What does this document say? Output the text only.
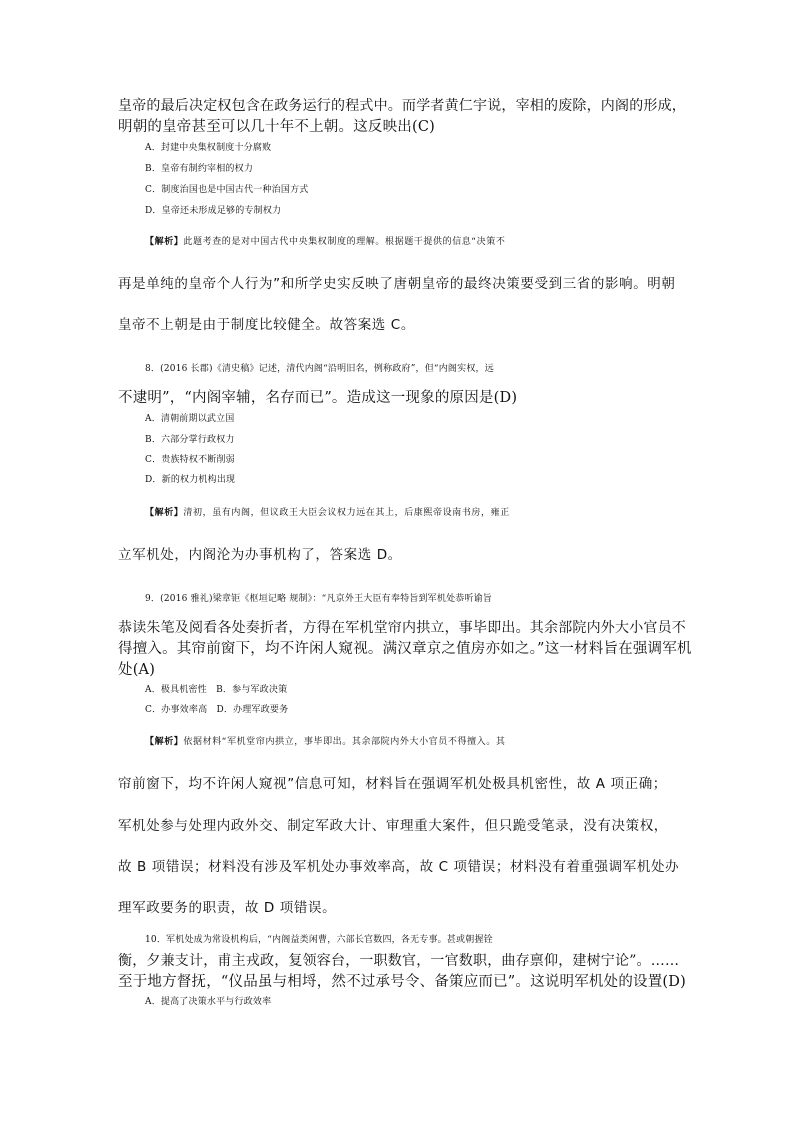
皇帝的最后决定权包含在政务运行的程式中。而学者黄仁宇说，宰相的废除，内阁的形成，
明朝的皇帝甚至可以几十年不上朝。这反映出(C)
A．封建中央集权制度十分腐败
B．皇帝有制约宰相的权力
C．制度治国也是中国古代一种治国方式
D．皇帝还未形成足够的专制权力
【解析】此题考查的是对中国古代中央集权制度的理解。根据题干提供的信息“决策不
再是单纯的皇帝个人行为”和所学史实反映了唐朝皇帝的最终决策要受到三省的影响。明朝
皇帝不上朝是由于制度比较健全。故答案选 C。
8．(2016 长郡)《清史稿》记述，清代内阁“沿明旧名，例称政府”，但“内阁实权，远
不逮明”，“内阁宰辅，名存而已”。造成这一现象的原因是(D)
A．清朝前期以武立国
B．六部分掌行政权力
C．贵族特权不断削弱
D．新的权力机构出现
【解析】清初，虽有内阁，但议政王大臣会议权力远在其上，后康熙帝设南书房，雍正
立军机处，内阁沦为办事机构了，答案选 D。
9．(2016 雅礼)梁章钜《枢垣记略 规制》：“凡京外王大臣有奉特旨到军机处恭听谕旨
恭读朱笔及阅看各处奏折者，方得在军机堂帘内拱立，事毕即出。其余部院内外大小官员不
得擅入。其帘前窗下，均不许闲人窥视。满汉章京之值房亦如之。”这一材料旨在强调军机
处(A)
A．极具机密性　B．参与军政决策
C．办事效率高　D．办理军政要务
【解析】依据材料“军机堂帘内拱立，事毕即出。其余部院内外大小官员不得擅入。其
帘前窗下，均不许闲人窥视”信息可知，材料旨在强调军机处极具机密性，故 A 项正确；
军机处参与处理内政外交、制定军政大计、审理重大案件，但只跪受笔录，没有决策权，
故 B 项错误；材料没有涉及军机处办事效率高，故 C 项错误；材料没有着重强调军机处办
理军政要务的职责，故 D 项错误。
10．军机处成为常设机构后，“内阁益类闲曹，六部长官数四，各无专事。甚或朝握铨
衡，夕兼支计，甫主戎政，复领容台，一职数官，一官数职，曲存禀仰，建树宁论”。……
至于地方督抚，“仪品虽与相埒，然不过承号令、备策应而已”。这说明军机处的设置(D)
A．提高了决策水平与行政效率
